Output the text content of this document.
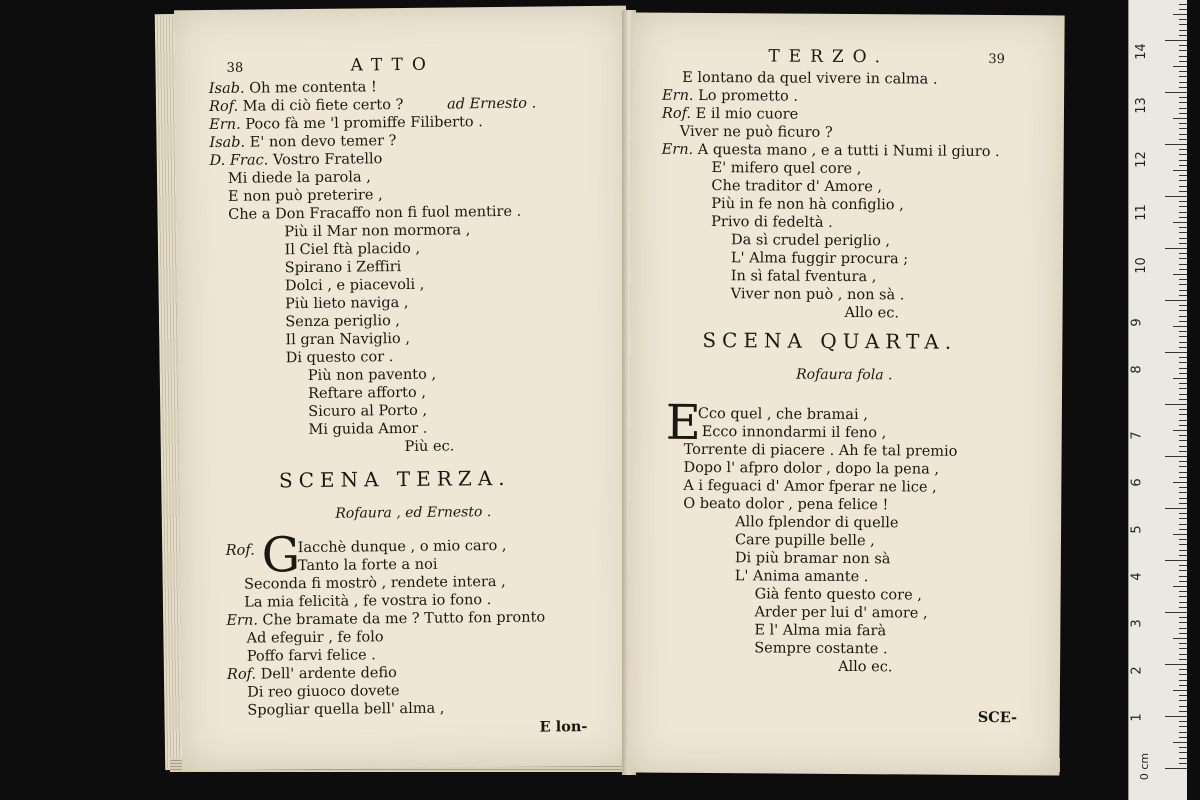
38	ATTO
Isab. Oh me contenta !
Rof. Ma di ciò fiete certo ?	ad Ernesto .
Ern. Poco fà me 'l promiffe Filiberto .
Isab. E' non devo temer ?
D. Frac. Vostro Fratello
Mi diede la parola ,
E non può preterire ,
Che a Don Fracaffo non fi fuol mentire .
Più il Mar non mormora ,
Il Ciel ftà placido ,
Spirano i Zeffiri
Dolci , e piacevoli ,
Più lieto naviga ,
Senza periglio ,
Il gran Naviglio ,
Di questo cor .
Più non pavento ,
Reftare afforto ,
Sicuro al Porto ,
Mi guida Amor .
Più ec.
SCENA TERZA.
Rofaura , ed Ernesto .
Rof. G
Iacchè dunque , o mio caro ,
Tanto la forte a noi
Seconda fi mostrò , rendete intera ,
La mia felicità , fe vostra io fono .
Ern. Che bramate da me ? Tutto fon pronto
Ad efeguir , fe folo
Poffo farvi felice .
Rof. Dell' ardente defio
Di reo giuoco dovete
Spogliar quella bell' alma ,
E lon-
TERZO.	39
E lontano da quel vivere in calma .
Ern. Lo prometto .
Rof. E il mio cuore
Viver ne può ficuro ?
Ern. A questa mano , e a tutti i Numi il giuro .
E' mifero quel core ,
Che traditor d' Amore ,
Più in fe non hà configlio ,
Privo di fedeltà .
Da sì crudel periglio ,
L' Alma fuggir procura ;
In sì fatal fventura ,
Viver non può , non sà .
Allo ec.
SCENA QUARTA.
Rofaura fola .
E
Cco quel , che bramai ,
Ecco innondarmi il feno ,
Torrente di piacere . Ah fe tal premio
Dopo l' afpro dolor , dopo la pena ,
A i feguaci d' Amor fperar ne lice ,
O beato dolor , pena felice !
Allo fplendor di quelle
Care pupille belle ,
Di più bramar non sà
L' Anima amante .
Già fento questo core ,
Arder per lui d' amore ,
E l' Alma mia farà
Sempre costante .
Allo ec.
SCE-
0 cm
1
2
3
4
5
6
7
8
9
10
11
12
13
14
